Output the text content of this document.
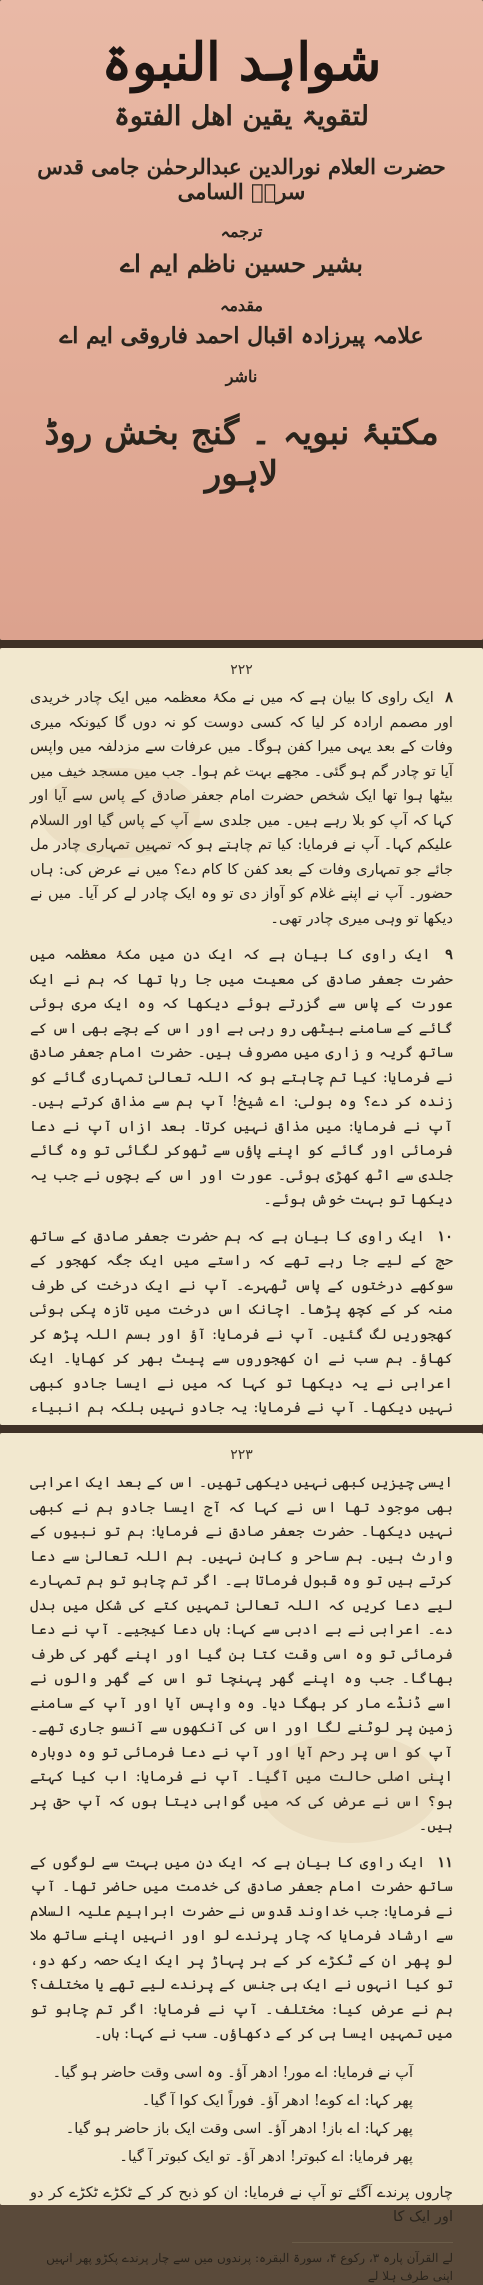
شواہد النبوۃ
لتقویۃ یقین اھل الفتوۃ
حضرت العلام نورالدین عبدالرحمٰن جامی قدس سرہٗ السامی
ترجمہ
بشیر حسین ناظم ایم اے
مقدمہ
علامہ پیرزادہ اقبال احمد فاروقی ایم اے
ناشر
مکتبۂ نبویہ ۔ گنج بخش روڈ لاہور
۲۲۲

۸ ایک راوی کا بیان ہے کہ میں نے مکۂ معظمہ میں ایک چادر خریدی اور مصمم ارادہ کر لیا کہ کسی دوست کو نہ دوں گا کیونکہ میری وفات کے بعد یہی میرا کفن ہوگا۔ میں عرفات سے مزدلفہ میں واپس آیا تو چادر گم ہو گئی۔ مجھے بہت غم ہوا۔ جب میں مسجد خیف میں بیٹھا ہوا تھا ایک شخص حضرت امام جعفر صادق کے پاس سے آیا اور کہا کہ آپ کو بلا رہے ہیں۔ میں جلدی سے آپ کے پاس گیا اور السلام علیکم کہا۔ آپ نے فرمایا: کیا تم چاہتے ہو کہ تمہیں تمہاری چادر مل جائے جو تمہاری وفات کے بعد کفن کا کام دے؟ میں نے عرض کی: ہاں حضور۔ آپ نے اپنے غلام کو آواز دی تو وہ ایک چادر لے کر آیا۔ میں نے دیکھا تو وہی میری چادر تھی۔

۹ ایک راوی کا بیان ہے کہ ایک دن میں مکۂ معظمہ میں حضرت جعفر صادق کی معیت میں جا رہا تھا کہ ہم نے ایک عورت کے پاس سے گزرتے ہوئے دیکھا کہ وہ ایک مری ہوئی گائے کے سامنے بیٹھی رو رہی ہے اور اس کے بچے بھی اس کے ساتھ گریہ و زاری میں مصروف ہیں۔ حضرت امام جعفر صادق نے فرمایا: کیا تم چاہتے ہو کہ اللہ تعالیٰ تمہاری گائے کو زندہ کر دے؟ وہ بولی: اے شیخ! آپ ہم سے مذاق کرتے ہیں۔ آپ نے فرمایا: میں مذاق نہیں کرتا۔ بعد ازاں آپ نے دعا فرمائی اور گائے کو اپنے پاؤں سے ٹھوکر لگائی تو وہ گائے جلدی سے اٹھ کھڑی ہوئی۔ عورت اور اس کے بچوں نے جب یہ دیکھا تو بہت خوش ہوئے۔

۱۰ ایک راوی کا بیان ہے کہ ہم حضرت جعفر صادق کے ساتھ حج کے لیے جا رہے تھے کہ راستے میں ایک جگہ کھجور کے سوکھے درختوں کے پاس ٹھہرے۔ آپ نے ایک درخت کی طرف منہ کر کے کچھ پڑھا۔ اچانک اس درخت میں تازہ پکی ہوئی کھجوریں لگ گئیں۔ آپ نے فرمایا: آؤ اور بسم اللہ پڑھ کر کھاؤ۔ ہم سب نے ان کھجوروں سے پیٹ بھر کر کھایا۔ ایک اعرابی نے یہ دیکھا تو کہا کہ میں نے ایسا جادو کبھی نہیں دیکھا۔ آپ نے فرمایا: یہ جادو نہیں بلکہ ہم انبیاء

۲۲۳

ایسی چیزیں کبھی نہیں دیکھی تھیں۔ اس کے بعد ایک اعرابی بھی موجود تھا اس نے کہا کہ آج ایسا جادو ہم نے کبھی نہیں دیکھا۔ حضرت جعفر صادق نے فرمایا: ہم تو نبیوں کے وارث ہیں۔ ہم ساحر و کاہن نہیں۔ ہم اللہ تعالیٰ سے دعا کرتے ہیں تو وہ قبول فرماتا ہے۔ اگر تم چاہو تو ہم تمہارے لیے دعا کریں کہ اللہ تعالیٰ تمہیں کتے کی شکل میں بدل دے۔ اعرابی نے بے ادبی سے کہا: ہاں دعا کیجیے۔ آپ نے دعا فرمائی تو وہ اسی وقت کتا بن گیا اور اپنے گھر کی طرف بھاگا۔ جب وہ اپنے گھر پہنچا تو اس کے گھر والوں نے اسے ڈنڈے مار کر بھگا دیا۔ وہ واپس آیا اور آپ کے سامنے زمین پر لوٹنے لگا اور اس کی آنکھوں سے آنسو جاری تھے۔ آپ کو اس پر رحم آیا اور آپ نے دعا فرمائی تو وہ دوبارہ اپنی اصلی حالت میں آگیا۔ آپ نے فرمایا: اب کیا کہتے ہو؟ اس نے عرض کی کہ میں گواہی دیتا ہوں کہ آپ حق پر ہیں۔

۱۱ ایک راوی کا بیان ہے کہ ایک دن میں بہت سے لوگوں کے ساتھ حضرت امام جعفر صادق کی خدمت میں حاضر تھا۔ آپ نے فرمایا: جب خداوند قدوس نے حضرت ابراہیم علیہ السلام سے ارشاد فرمایا کہ چار پرندے لو اور انہیں اپنے ساتھ ملا لو پھر ان کے ٹکڑے کر کے ہر پہاڑ پر ایک ایک حصہ رکھ دو، تو کیا انہوں نے ایک ہی جنس کے پرندے لیے تھے یا مختلف؟ ہم نے عرض کیا: مختلف۔ آپ نے فرمایا: اگر تم چاہو تو میں تمہیں ایسا ہی کر کے دکھاؤں۔ سب نے کہا: ہاں۔

آپ نے فرمایا: اے مور! ادھر آؤ۔ وہ اسی وقت حاضر ہو گیا۔
پھر کہا: اے کوے! ادھر آؤ۔ فوراً ایک کوا آ گیا۔
پھر کہا: اے باز! ادھر آؤ۔ اسی وقت ایک باز حاضر ہو گیا۔
پھر فرمایا: اے کبوتر! ادھر آؤ۔ تو ایک کبوتر آ گیا۔

چاروں پرندے آگئے تو آپ نے فرمایا: ان کو ذبح کر کے ٹکڑے ٹکڑے کر دو اور ایک کا

لے القرآن پارہ ۳، رکوع ۴، سورۃ البقرہ: پرندوں میں سے چار پرندے پکڑو پھر انہیں اپنی طرف ہلا لے
